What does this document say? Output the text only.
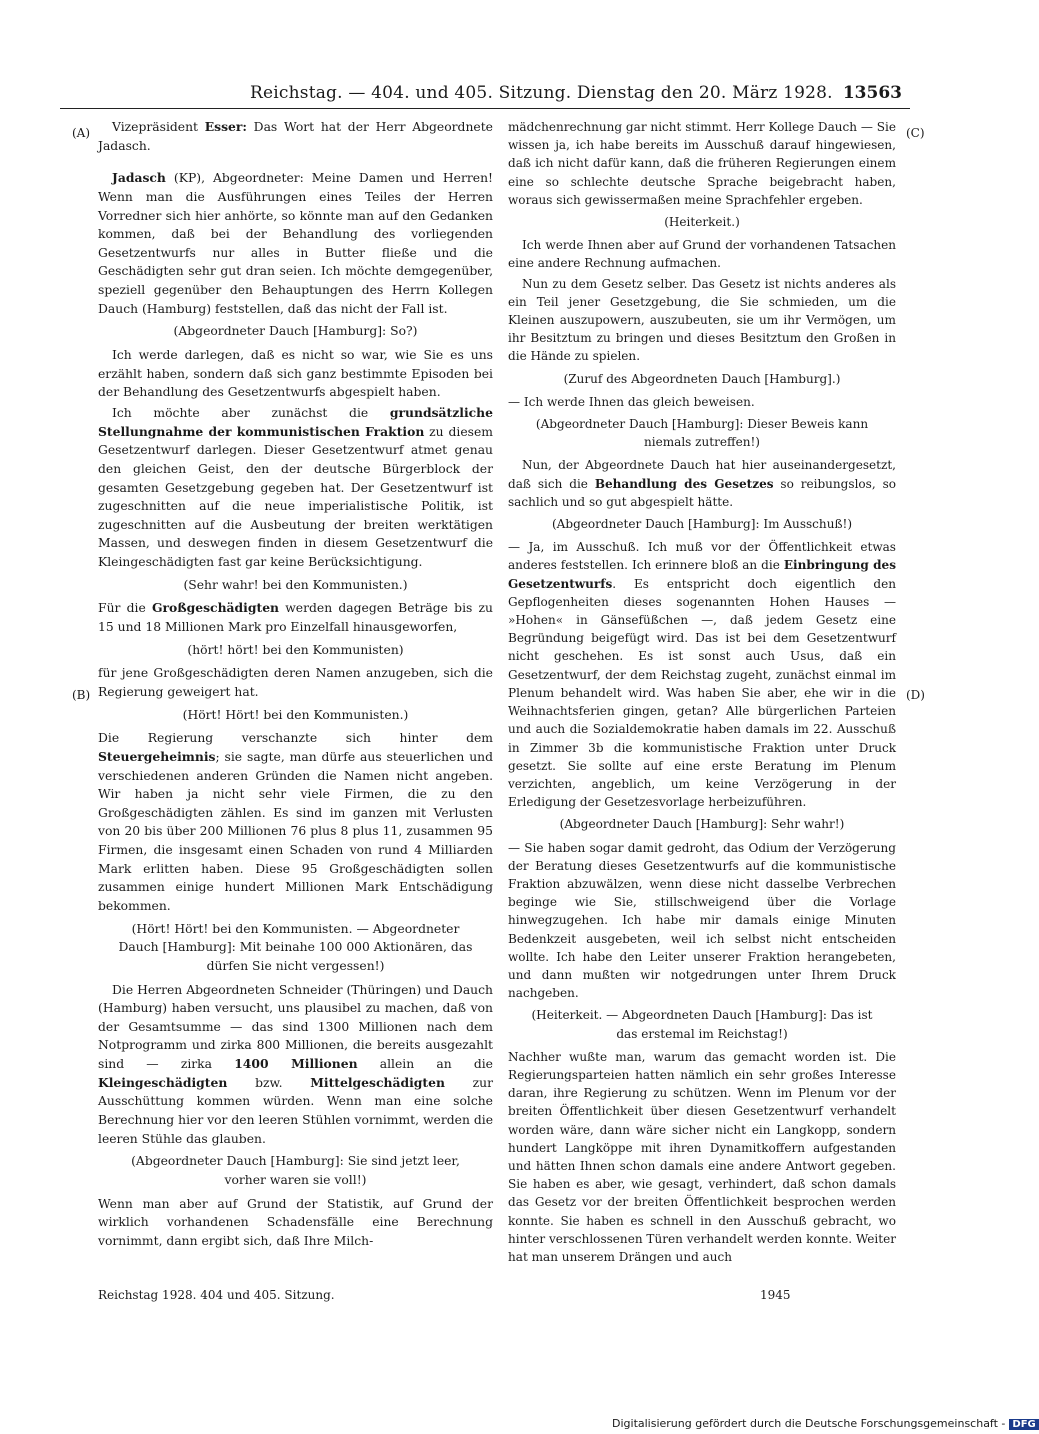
Reichstag. — 404. und 405. Sitzung. Dienstag den 20. März 1928. 13563
(A)
(B)
(C)
(D)

Vizepräsident Esser: Das Wort hat der Herr Abgeordnete Jadasch.

Jadasch (KP), Abgeordneter: Meine Damen und Herren! Wenn man die Ausführungen eines Teiles der Herren Vorredner sich hier anhörte, so könnte man auf den Gedanken kommen, daß bei der Behandlung des vorliegenden Gesetzentwurfs nur alles in Butter fließe und die Geschädigten sehr gut dran seien. Ich möchte demgegenüber, speziell gegenüber den Behauptungen des Herrn Kollegen Dauch (Hamburg) feststellen, daß das nicht der Fall ist.

(Abgeordneter Dauch [Hamburg]: So?)

Ich werde darlegen, daß es nicht so war, wie Sie es uns erzählt haben, sondern daß sich ganz bestimmte Episoden bei der Behandlung des Gesetzentwurfs abgespielt haben.

Ich möchte aber zunächst die grundsätzliche Stellungnahme der kommunistischen Fraktion zu diesem Gesetzentwurf darlegen. Dieser Gesetzentwurf atmet genau den gleichen Geist, den der deutsche Bürgerblock der gesamten Gesetzgebung gegeben hat. Der Gesetzentwurf ist zugeschnitten auf die neue imperialistische Politik, ist zugeschnitten auf die Ausbeutung der breiten werktätigen Massen, und deswegen finden in diesem Gesetzentwurf die Kleingeschädigten fast gar keine Berücksichtigung.

(Sehr wahr! bei den Kommunisten.)

Für die Großgeschädigten werden dagegen Beträge bis zu 15 und 18 Millionen Mark pro Einzelfall hinausgeworfen,

(hört! hört! bei den Kommunisten)

für jene Großgeschädigten deren Namen anzugeben, sich die Regierung geweigert hat.

(Hört! Hört! bei den Kommunisten.)

Die Regierung verschanzte sich hinter dem Steuergeheimnis; sie sagte, man dürfe aus steuerlichen und verschiedenen anderen Gründen die Namen nicht angeben. Wir haben ja nicht sehr viele Firmen, die zu den Großgeschädigten zählen. Es sind im ganzen mit Verlusten von 20 bis über 200 Millionen 76 plus 8 plus 11, zusammen 95 Firmen, die insgesamt einen Schaden von rund 4 Milliarden Mark erlitten haben. Diese 95 Großgeschädigten sollen zusammen einige hundert Millionen Mark Entschädigung bekommen.

(Hört! Hört! bei den Kommunisten. — Abgeordneter Dauch [Hamburg]: Mit beinahe 100 000 Aktionären, das dürfen Sie nicht vergessen!)

Die Herren Abgeordneten Schneider (Thüringen) und Dauch (Hamburg) haben versucht, uns plausibel zu machen, daß von der Gesamtsumme — das sind 1300 Millionen nach dem Notprogramm und zirka 800 Millionen, die bereits ausgezahlt sind — zirka 1400 Millionen allein an die Kleingeschädigten bzw. Mittelgeschädigten zur Ausschüttung kommen würden. Wenn man eine solche Berechnung hier vor den leeren Stühlen vornimmt, werden die leeren Stühle das glauben.

(Abgeordneter Dauch [Hamburg]: Sie sind jetzt leer, vorher waren sie voll!)

Wenn man aber auf Grund der Statistik, auf Grund der wirklich vorhandenen Schadensfälle eine Berechnung vornimmt, dann ergibt sich, daß Ihre Milch-

mädchenrechnung gar nicht stimmt. Herr Kollege Dauch — Sie wissen ja, ich habe bereits im Ausschuß darauf hingewiesen, daß ich nicht dafür kann, daß die früheren Regierungen einem eine so schlechte deutsche Sprache beigebracht haben, woraus sich gewissermaßen meine Sprachfehler ergeben.

(Heiterkeit.)

Ich werde Ihnen aber auf Grund der vorhandenen Tatsachen eine andere Rechnung aufmachen.

Nun zu dem Gesetz selber. Das Gesetz ist nichts anderes als ein Teil jener Gesetzgebung, die Sie schmieden, um die Kleinen auszupowern, auszubeuten, sie um ihr Vermögen, um ihr Besitztum zu bringen und dieses Besitztum den Großen in die Hände zu spielen.

(Zuruf des Abgeordneten Dauch [Hamburg].)

— Ich werde Ihnen das gleich beweisen.

(Abgeordneter Dauch [Hamburg]: Dieser Beweis kann niemals zutreffen!)

Nun, der Abgeordnete Dauch hat hier auseinandergesetzt, daß sich die Behandlung des Gesetzes so reibungslos, so sachlich und so gut abgespielt hätte.

(Abgeordneter Dauch [Hamburg]: Im Ausschuß!)

— Ja, im Ausschuß. Ich muß vor der Öffentlichkeit etwas anderes feststellen. Ich erinnere bloß an die Einbringung des Gesetzentwurfs. Es entspricht doch eigentlich den Gepflogenheiten dieses sogenannten Hohen Hauses — »Hohen« in Gänsefüßchen —, daß jedem Gesetz eine Begründung beigefügt wird. Das ist bei dem Gesetzentwurf nicht geschehen. Es ist sonst auch Usus, daß ein Gesetzentwurf, der dem Reichstag zugeht, zunächst einmal im Plenum behandelt wird. Was haben Sie aber, ehe wir in die Weihnachtsferien gingen, getan? Alle bürgerlichen Parteien und auch die Sozialdemokratie haben damals im 22. Ausschuß in Zimmer 3b die kommunistische Fraktion unter Druck gesetzt. Sie sollte auf eine erste Beratung im Plenum verzichten, angeblich, um keine Verzögerung in der Erledigung der Gesetzesvorlage herbeizuführen.

(Abgeordneter Dauch [Hamburg]: Sehr wahr!)

— Sie haben sogar damit gedroht, das Odium der Verzögerung der Beratung dieses Gesetzentwurfs auf die kommunistische Fraktion abzuwälzen, wenn diese nicht dasselbe Verbrechen beginge wie Sie, stillschweigend über die Vorlage hinwegzugehen. Ich habe mir damals einige Minuten Bedenkzeit ausgebeten, weil ich selbst nicht entscheiden wollte. Ich habe den Leiter unserer Fraktion herangebeten, und dann mußten wir notgedrungen unter Ihrem Druck nachgeben.

(Heiterkeit. — Abgeordneten Dauch [Hamburg]: Das ist das erstemal im Reichstag!)

Nachher wußte man, warum das gemacht worden ist. Die Regierungsparteien hatten nämlich ein sehr großes Interesse daran, ihre Regierung zu schützen. Wenn im Plenum vor der breiten Öffentlichkeit über diesen Gesetzentwurf verhandelt worden wäre, dann wäre sicher nicht ein Langkopp, sondern hundert Langköppe mit ihren Dynamitkoffern aufgestanden und hätten Ihnen schon damals eine andere Antwort gegeben. Sie haben es aber, wie gesagt, verhindert, daß schon damals das Gesetz vor der breiten Öffentlichkeit besprochen werden konnte. Sie haben es schnell in den Ausschuß gebracht, wo hinter verschlossenen Türen verhandelt werden konnte. Weiter hat man unserem Drängen und auch

Reichstag 1928. 404 und 405. Sitzung.	1945
Digitalisierung gefördert durch die Deutsche Forschungsgemeinschaft - DFG
